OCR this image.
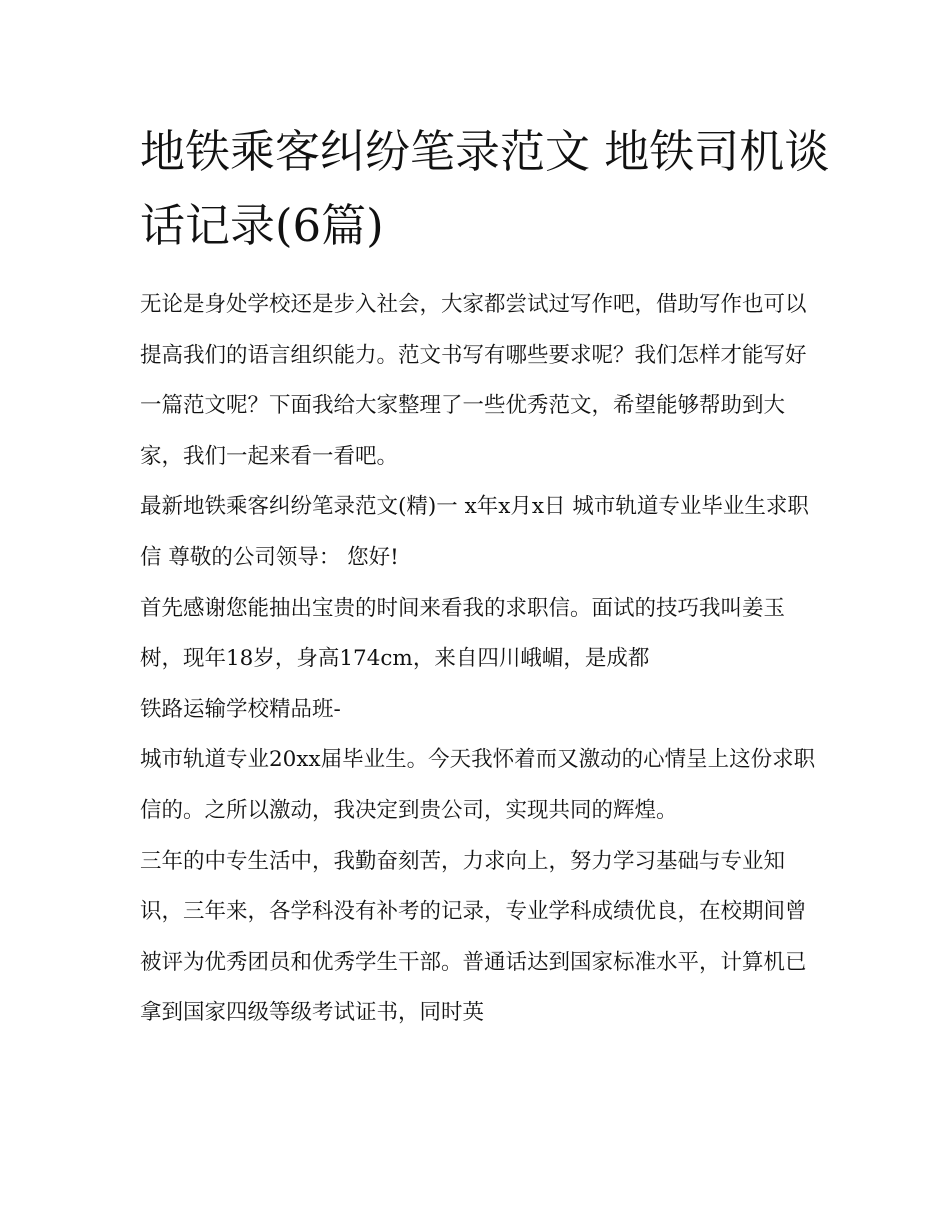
地铁乘客纠纷笔录范文 地铁司机谈话记录(6篇)

无论是身处学校还是步入社会，大家都尝试过写作吧，借助写作也可以提高我们的语言组织能力。范文书写有哪些要求呢？我们怎样才能写好一篇范文呢？下面我给大家整理了一些优秀范文，希望能够帮助到大家，我们一起来看一看吧。

最新地铁乘客纠纷笔录范文(精)一 x年x月x日 城市轨道专业毕业生求职信 尊敬的公司领导： 您好!

首先感谢您能抽出宝贵的时间来看我的求职信。面试的技巧我叫姜玉树，现年18岁，身高174cm，来自四川峨嵋，是成都

铁路运输学校精品班-

城市轨道专业20xx届毕业生。今天我怀着而又激动的心情呈上这份求职信的。之所以激动，我决定到贵公司，实现共同的辉煌。

三年的中专生活中，我勤奋刻苦，力求向上，努力学习基础与专业知识，三年来，各学科没有补考的记录，专业学科成绩优良，在校期间曾被评为优秀团员和优秀学生干部。普通话达到国家标准水平，计算机已拿到国家四级等级考试证书，同时英
